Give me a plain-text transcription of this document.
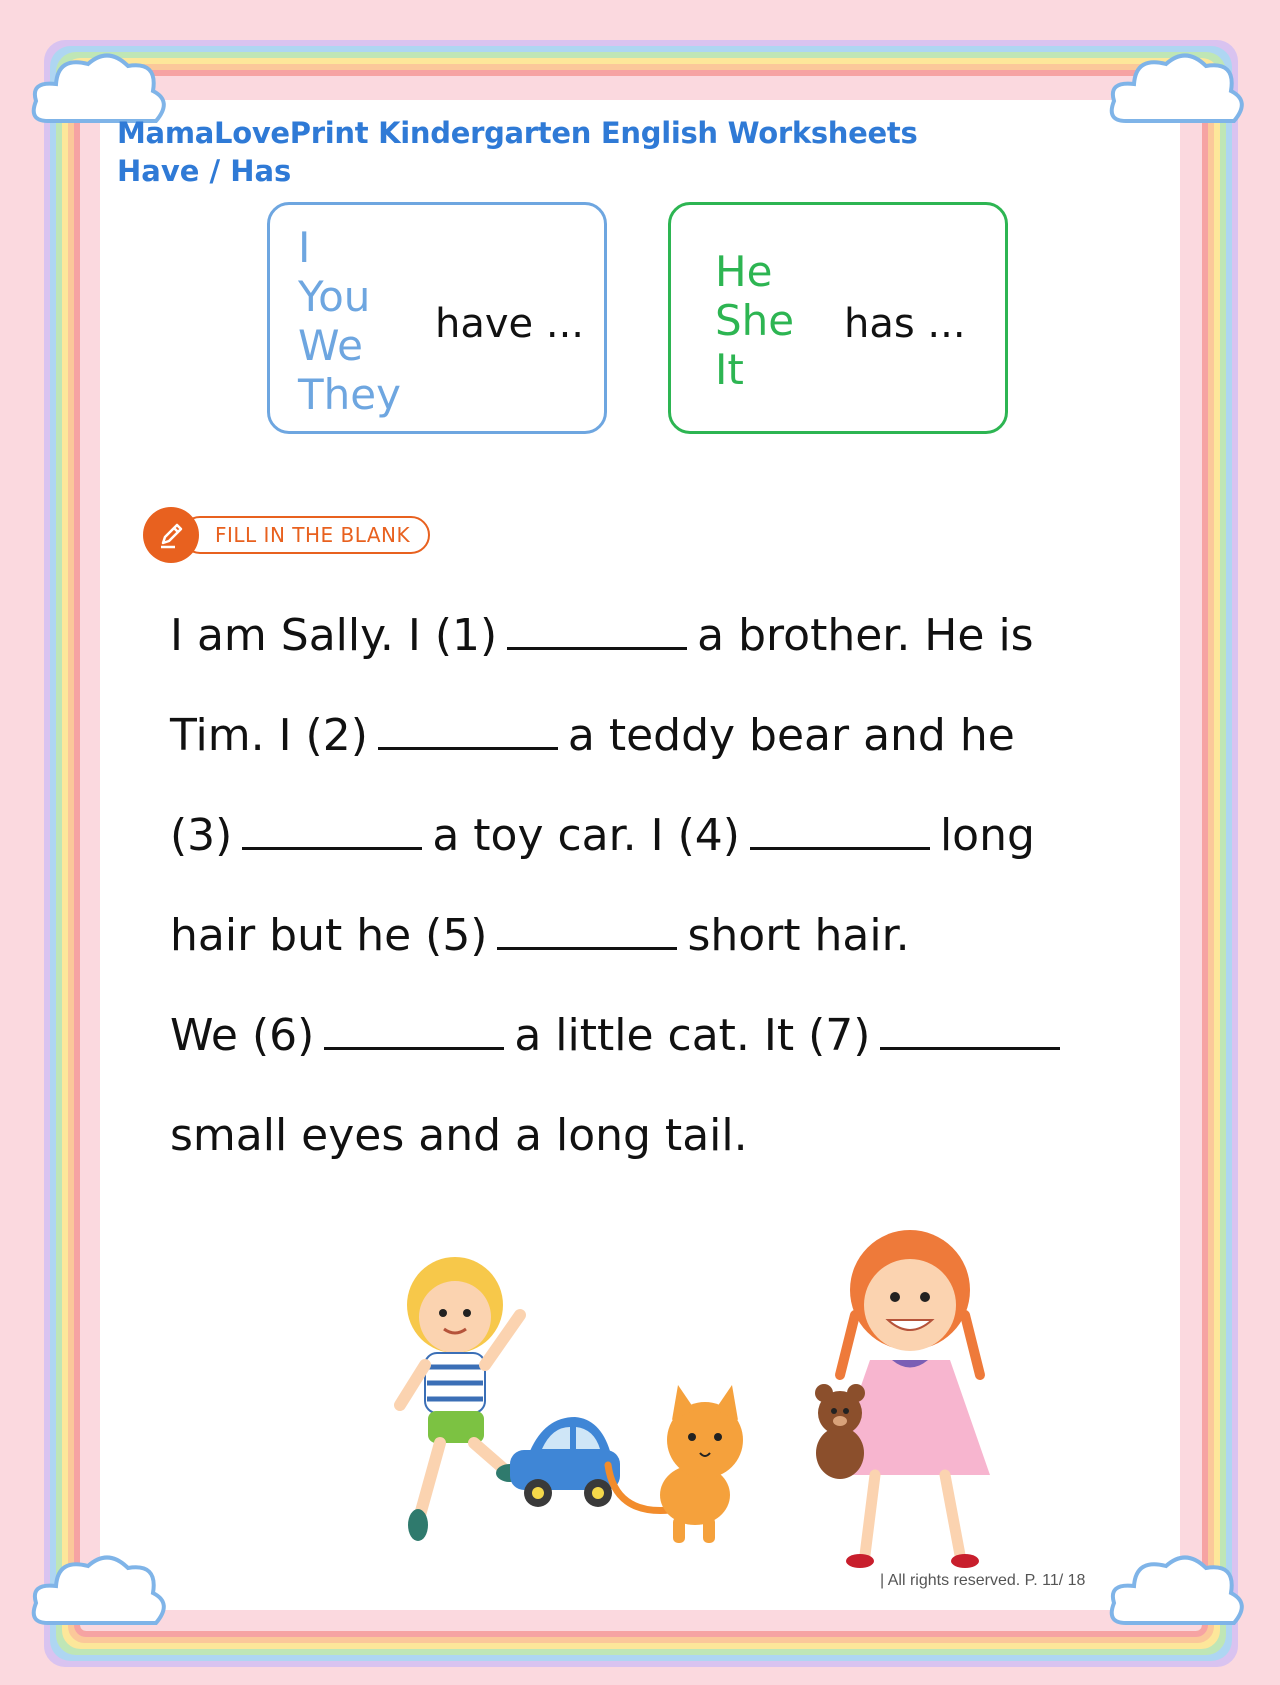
MamaLovePrint Kindergarten English Worksheets
Have / Has
I
You
We
They
have ...
He
She
It
has ...
FILL IN THE BLANK
I am Sally. I (1)	a brother. He is
Tim. I (2)	a teddy bear and he
(3)	a toy car. I (4)	long
hair but he (5)	short hair.
We (6)	a little cat. It (7)
small eyes and a long tail.
| All rights reserved. P. 11/ 18
